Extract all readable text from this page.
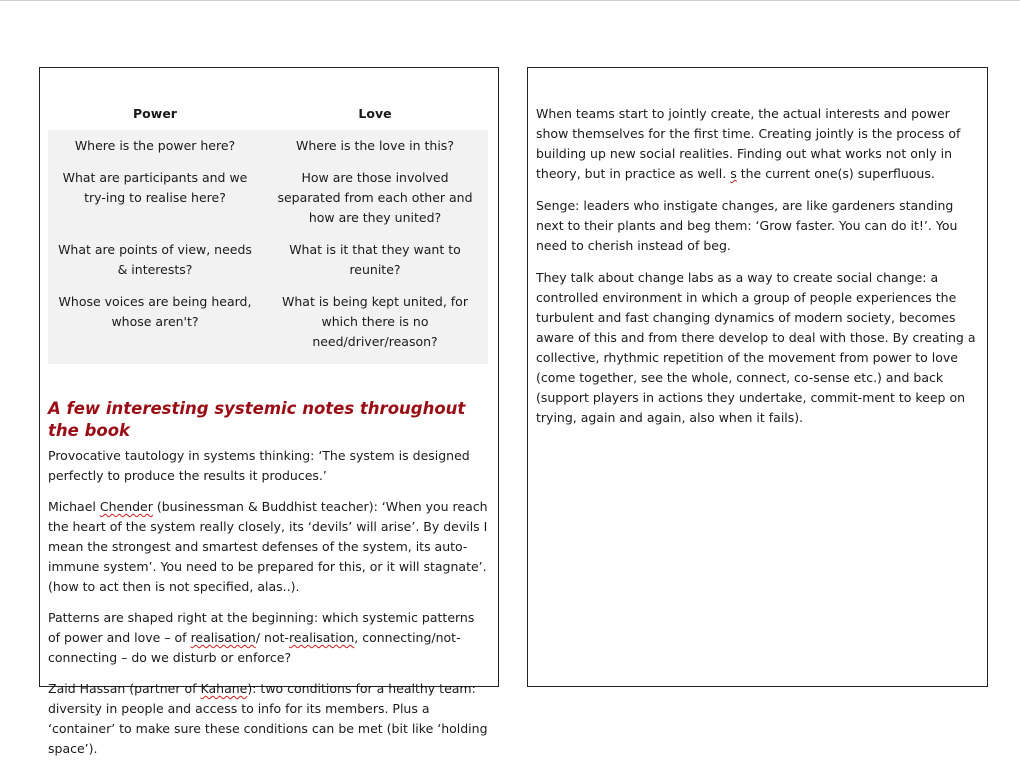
Power	Love
Where is the power here?	Where is the love in this?
What are participants and we try-ing to realise here?	How are those involved separated from each other and how are they united?
What are points of view, needs & interests?	What is it that they want to reunite?
Whose voices are being heard, whose aren't?	What is being kept united, for which there is no need/driver/reason?
A few interesting systemic notes throughout the book

Provocative tautology in systems thinking: ‘The system is designed perfectly to produce the results it produces.’

Michael Chender (businessman & Buddhist teacher): ‘When you reach the heart of the system really closely, its ‘devils’ will arise’. By devils I mean the strongest and smartest defenses of the system, its auto-immune system’. You need to be prepared for this, or it will stagnate’. (how to act then is not specified, alas..).

Patterns are shaped right at the beginning: which systemic patterns of power and love – of realisation/ not-realisation, connecting/not-connecting – do we disturb or enforce?

Zaid Hassan (partner of Kahane): two conditions for a healthy team: diversity in people and access to info for its members. Plus a ‘container’ to make sure these conditions can be met (bit like ‘holding space’).

When teams start to jointly create, the actual interests and power show themselves for the first time. Creating jointly is the process of building up new social realities. Finding out what works not only in theory, but in practice as well. s the current one(s) superfluous.

Senge: leaders who instigate changes, are like gardeners standing next to their plants and beg them: ‘Grow faster. You can do it!’. You need to cherish instead of beg.

They talk about change labs as a way to create social change: a controlled environment in which a group of people experiences the turbulent and fast changing dynamics of modern society, becomes aware of this and from there develop to deal with those. By creating a collective, rhythmic repetition of the movement from power to love (come together, see the whole, connect, co-sense etc.) and back (support players in actions they undertake, commit-ment to keep on trying, again and again, also when it fails).
